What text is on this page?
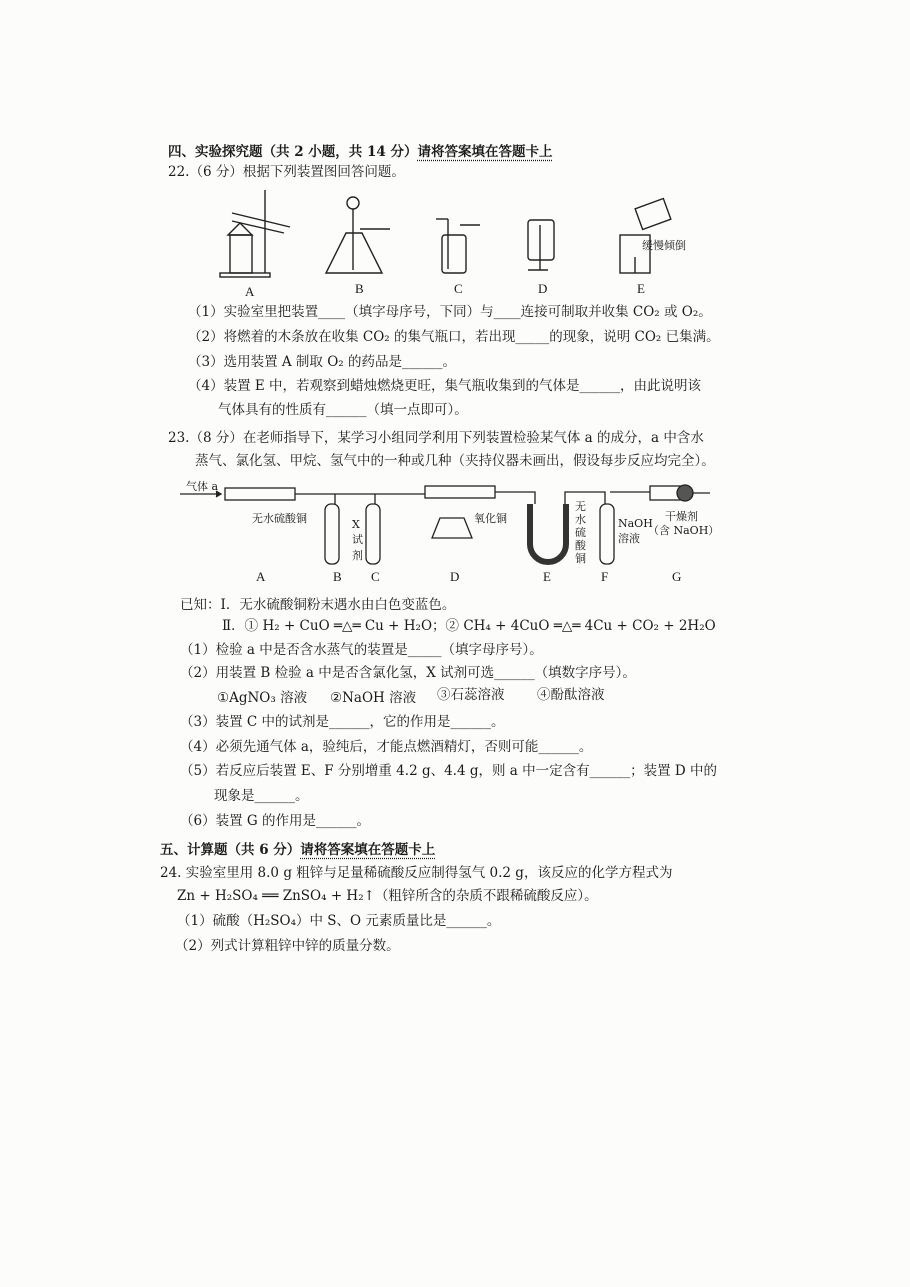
四、实验探究题（共 2 小题，共 14 分）请将答案填在答题卡上
22.（6 分）根据下列装置图回答问题。
缓慢倾倒
A	B	C	D	E
（1）实验室里把装置____（填字母序号，下同）与____连接可制取并收集 CO₂ 或 O₂。
（2）将燃着的木条放在收集 CO₂ 的集气瓶口，若出现_____的现象，说明 CO₂ 已集满。
（3）选用装置 A 制取 O₂ 的药品是______。
（4）装置 E 中，若观察到蜡烛燃烧更旺，集气瓶收集到的气体是______，由此说明该
气体具有的性质有______（填一点即可）。
23.（8 分）在老师指导下，某学习小组同学利用下列装置检验某气体 a 的成分，a 中含水
蒸气、氯化氢、甲烷、氢气中的一种或几种（夹持仪器未画出，假设每步反应均完全）。
气体 a
无水硫酸铜	X试剂
氧化铜
无水硫酸铜
NaOH溶液
干燥剂
（含 NaOH）
A	B C	D	E	F	G
已知：Ⅰ．无水硫酸铜粉末遇水由白色变蓝色。
Ⅱ．① H₂ + CuO ═△═ Cu + H₂O；② CH₄ + 4CuO ═△═ 4Cu + CO₂ + 2H₂O
（1）检验 a 中是否含水蒸气的装置是_____（填字母序号）。
（2）用装置 B 检验 a 中是否含氯化氢，X 试剂可选______（填数字序号）。
①AgNO₃ 溶液 ②NaOH 溶液 ③石蕊溶液 ④酚酞溶液
（3）装置 C 中的试剂是______，它的作用是______。
（4）必须先通气体 a，验纯后，才能点燃酒精灯，否则可能______。
（5）若反应后装置 E、F 分别增重 4.2 g、4.4 g，则 a 中一定含有______；装置 D 中的
现象是______。
（6）装置 G 的作用是______。
五、计算题（共 6 分）请将答案填在答题卡上
24. 实验室里用 8.0 g 粗锌与足量稀硫酸反应制得氢气 0.2 g，该反应的化学方程式为
Zn + H₂SO₄ ══ ZnSO₄ + H₂↑（粗锌所含的杂质不跟稀硫酸反应）。
（1）硫酸（H₂SO₄）中 S、O 元素质量比是______。
（2）列式计算粗锌中锌的质量分数。
